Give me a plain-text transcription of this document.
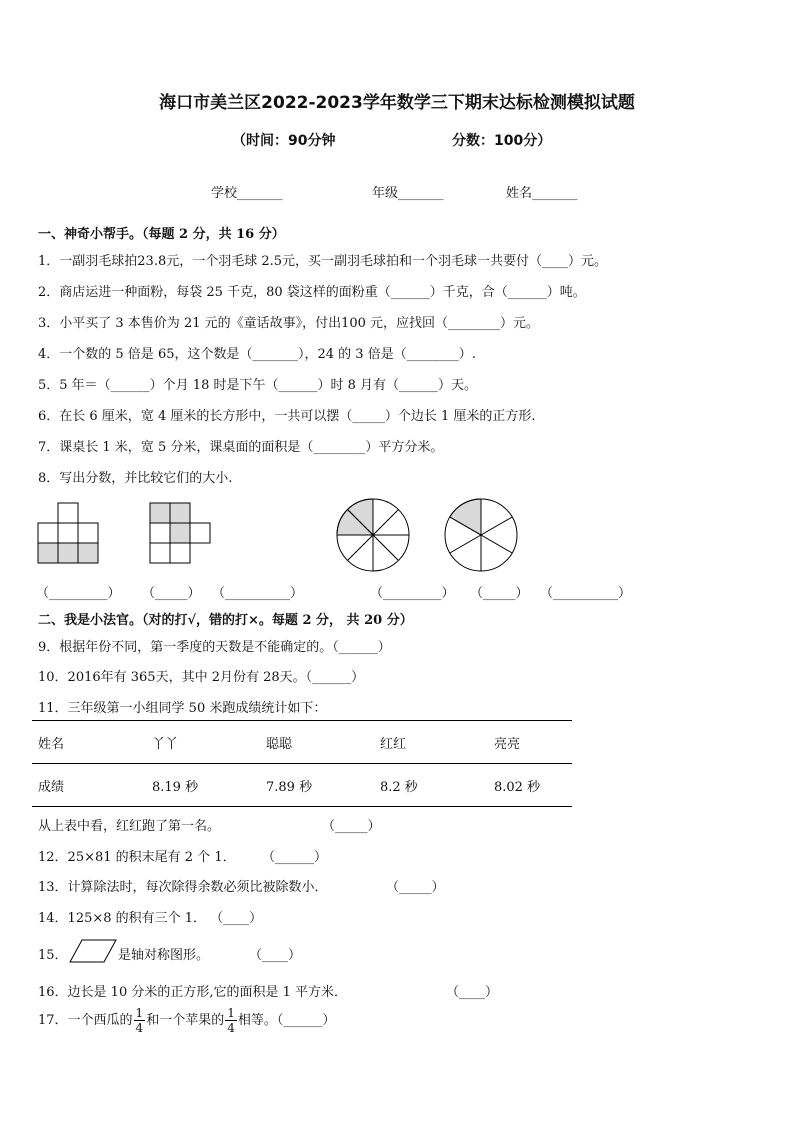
海口市美兰区2022-2023学年数学三下期末达标检测模拟试题
（时间：90分钟	分数：100分）
学校_______	年级_______	姓名_______
一、神奇小帮手。（每题 2 分，共 16 分）
1．一副羽毛球拍23.8元，一个羽毛球 2.5元，买一副羽毛球拍和一个羽毛球一共要付（____）元。
2．商店运进一种面粉，每袋 25 千克，80 袋这样的面粉重（______）千克，合（______）吨。
3．小平买了 3 本售价为 21 元的《童话故事》，付出100 元，应找回（________）元。
4．一个数的 5 倍是 65，这个数是（_______），24 的 3 倍是（________）.
5．5 年＝（______）个月 18 时是下午（______）时 8 月有（______）天。
6．在长 6 厘米，宽 4 厘米的长方形中，一共可以摆（_____）个边长 1 厘米的正方形.
7．课桌长 1 米，宽 5 分米，课桌面的面积是（________）平方分米。
8．写出分数，并比较它们的大小.
（_________） （_____） （__________）	（_________） （_____） （__________）
二、我是小法官。（对的打√，错的打×。每题 2 分， 共 20 分）
9．根据年份不同，第一季度的天数是不能确定的。（______）
10．2016年有 365天，其中 2月份有 28天。（______）
11．三年级第一小组同学 50 米跑成绩统计如下：
姓名	丫丫	聪聪	红红	亮亮
成绩	8.19 秒	7.89 秒	8.2 秒	8.02 秒
从上表中看，红红跑了第一名。	（_____）
12．25×81 的积末尾有 2 个 1． （______）
13．计算除法时，每次除得余数必须比被除数小．	（_____）
14．125×8 的积有三个 1． （____）
15．	是轴对称图形。	（____）
16．边长是 10 分米的正方形,它的面积是 1 平方米．	（____）
17．一个西瓜的 $\frac{1}{4}$ 和一个苹果的 $\frac{1}{4}$ 相等。（______）
